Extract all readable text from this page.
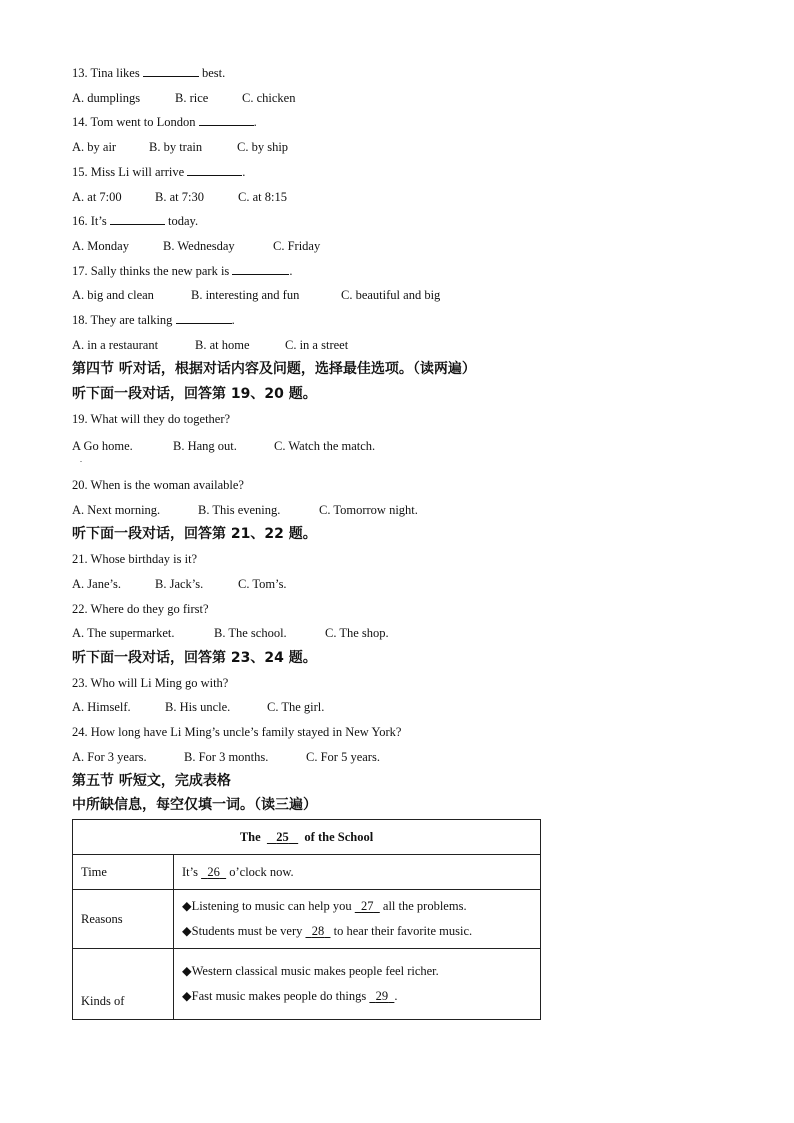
13. Tina likes	best.
A. dumplings	B. rice	C. chicken
14. Tom went to London	.
A. by air	B. by train	C. by ship
15. Miss Li will arrive	.
A. at 7:00	B. at 7:30	C. at 8:15
16. It’s	today.
A. Monday	B. Wednesday	C. Friday
17. Sally thinks the new park is	.
A. big and clean	B. interesting and fun	C. beautiful and big
18. They are talking	.
A. in a restaurant	B. at home	C. in a street
第四节 听对话，根据对话内容及问题，选择最佳选项。（读两遍）
听下面一段对话，回答第 19、20 题。
19. What will they do together?
A Go home.	B. Hang out.	C. Watch the match.
.
20. When is the woman available?
A. Next morning.	B. This evening.	C. Tomorrow night.
听下面一段对话，回答第 21、22 题。
21. Whose birthday is it?
A. Jane’s.	B. Jack’s.	C. Tom’s.
22. Where do they go first?
A. The supermarket.	B. The school.	C. The shop.
听下面一段对话，回答第 23、24 题。
23. Who will Li Ming go with?
A. Himself.	B. His uncle.	C. The girl.
24. How long have Li Ming’s uncle’s family stayed in New York?
A. For 3 years.	B. For 3 months.	C. For 5 years.
第五节 听短文，完成表格
中所缺信息，每空仅填一词。（读三遍）
The 25 of the School	
Time	It’s 26 o’clock now.
Reasons	◆Listening to music can help you 27 all the problems.
◆Students must be very 28 to hear their favorite music.

Kinds of	◆Western classical music makes people feel richer.
◆Fast music makes people do things 29 .
